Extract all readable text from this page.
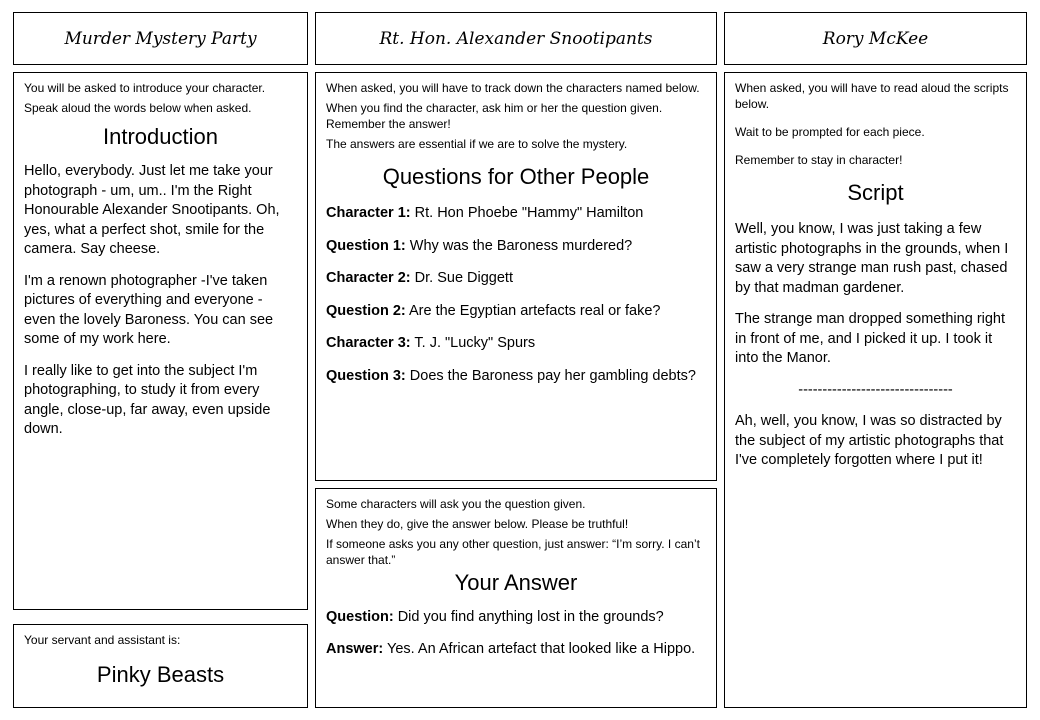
Murder Mystery Party	Rt. Hon. Alexander Snootipants	Rory McKee

You will be asked to introduce your character.

Speak aloud the words below when asked.

Introduction

Hello, everybody. Just let me take your photograph - um, um.. I'm the Right Honourable Alexander Snootipants. Oh, yes, what a perfect shot, smile for the camera. Say cheese.

I'm a renown photographer -I've taken pictures of everything and everyone - even the lovely Baroness. You can see some of my work here.

I really like to get into the subject I'm photographing, to study it from every angle, close-up, far away, even upside down.

Your servant and assistant is:

Pinky Beasts

When asked, you will have to track down the characters named below.

When you find the character, ask him or her the question given. Remember the answer!

The answers are essential if we are to solve the mystery.

Questions for Other People

Character 1: Rt. Hon Phoebe "Hammy" Hamilton

Question 1: Why was the Baroness murdered?

Character 2: Dr. Sue Diggett

Question 2: Are the Egyptian artefacts real or fake?

Character 3: T. J. "Lucky" Spurs

Question 3: Does the Baroness pay her gambling debts?

Some characters will ask you the question given.

When they do, give the answer below. Please be truthful!

If someone asks you any other question, just answer: “I’m sorry. I can’t answer that.”

Your Answer

Question: Did you find anything lost in the grounds?

Answer: Yes. An African artefact that looked like a Hippo.

When asked, you will have to read aloud the scripts below.

Wait to be prompted for each piece.

Remember to stay in character!

Script

Well, you know, I was just taking a few artistic photographs in the grounds, when I saw a very strange man rush past, chased by that madman gardener.

The strange man dropped something right in front of me, and I picked it up. I took it into the Manor.

--------------------------------

Ah, well, you know, I was so distracted by the subject of my artistic photographs that I've completely forgotten where I put it!
